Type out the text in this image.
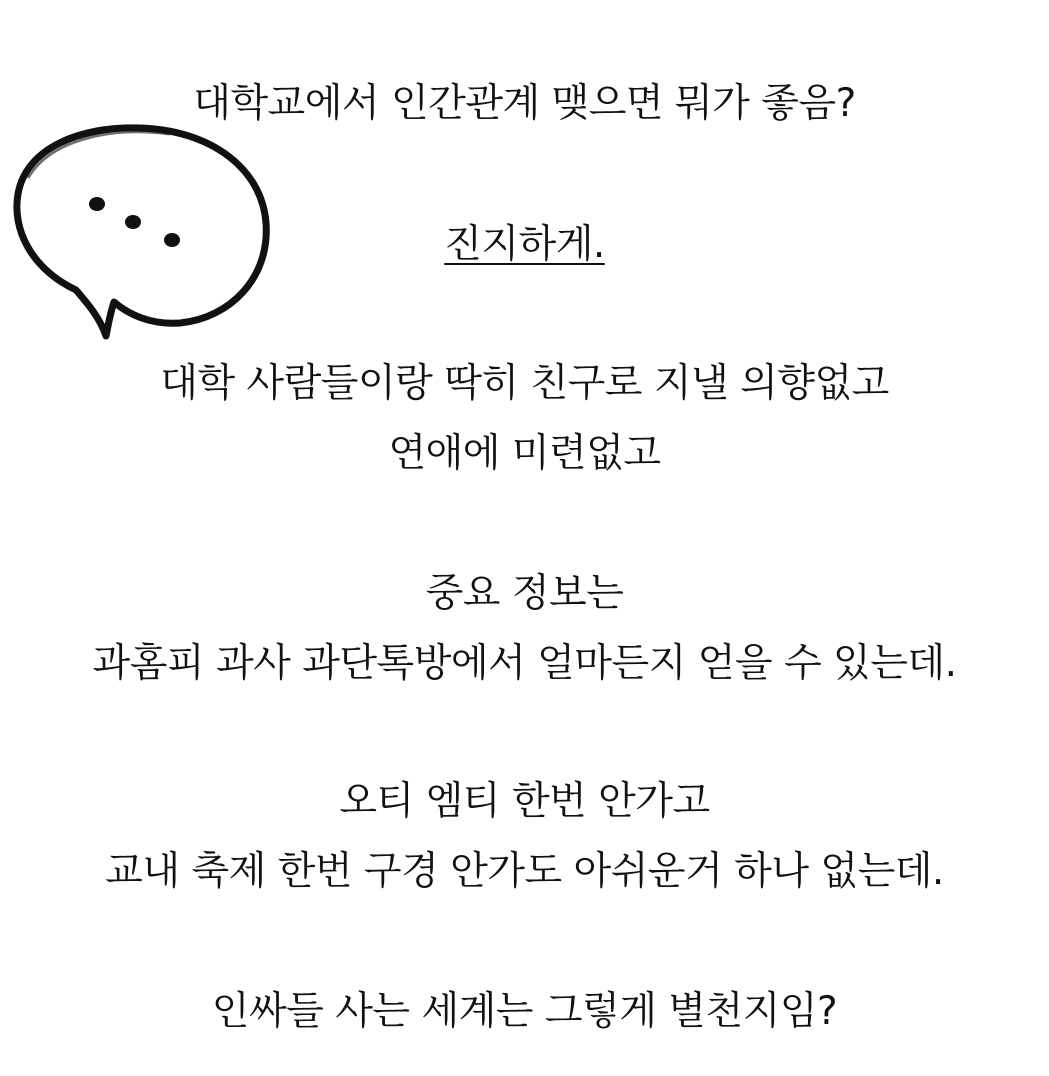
대학교에서 인간관계 맺으면 뭐가 좋음?
진지하게.
대학 사람들이랑 딱히 친구로 지낼 의향없고
연애에 미련없고
중요 정보는
과홈피 과사 과단톡방에서 얼마든지 얻을 수 있는데.
오티 엠티 한번 안가고
교내 축제 한번 구경 안가도 아쉬운거 하나 없는데.
인싸들 사는 세계는 그렇게 별천지임?
